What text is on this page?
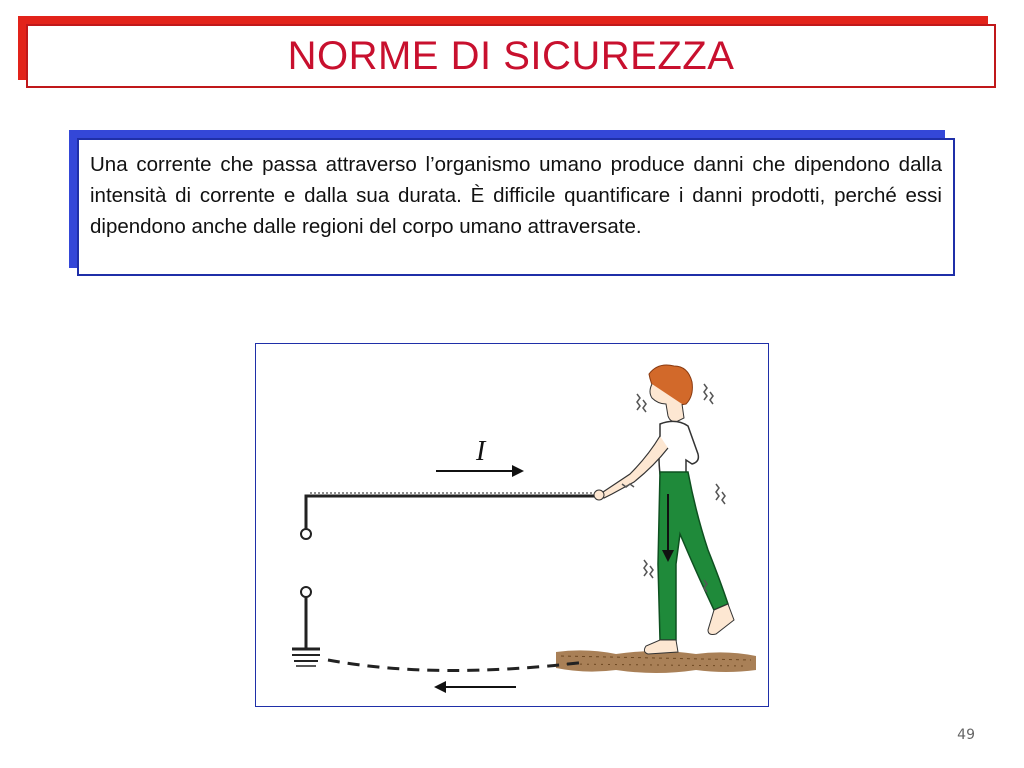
NORME DI SICUREZZA

Una corrente che passa attraverso l’organismo umano produce danni che dipendono dalla intensità di corrente e dalla sua durata. È difficile quantificare i danni prodotti, perché essi dipendono anche dalle regioni del corpo umano attraversate.

I
49
